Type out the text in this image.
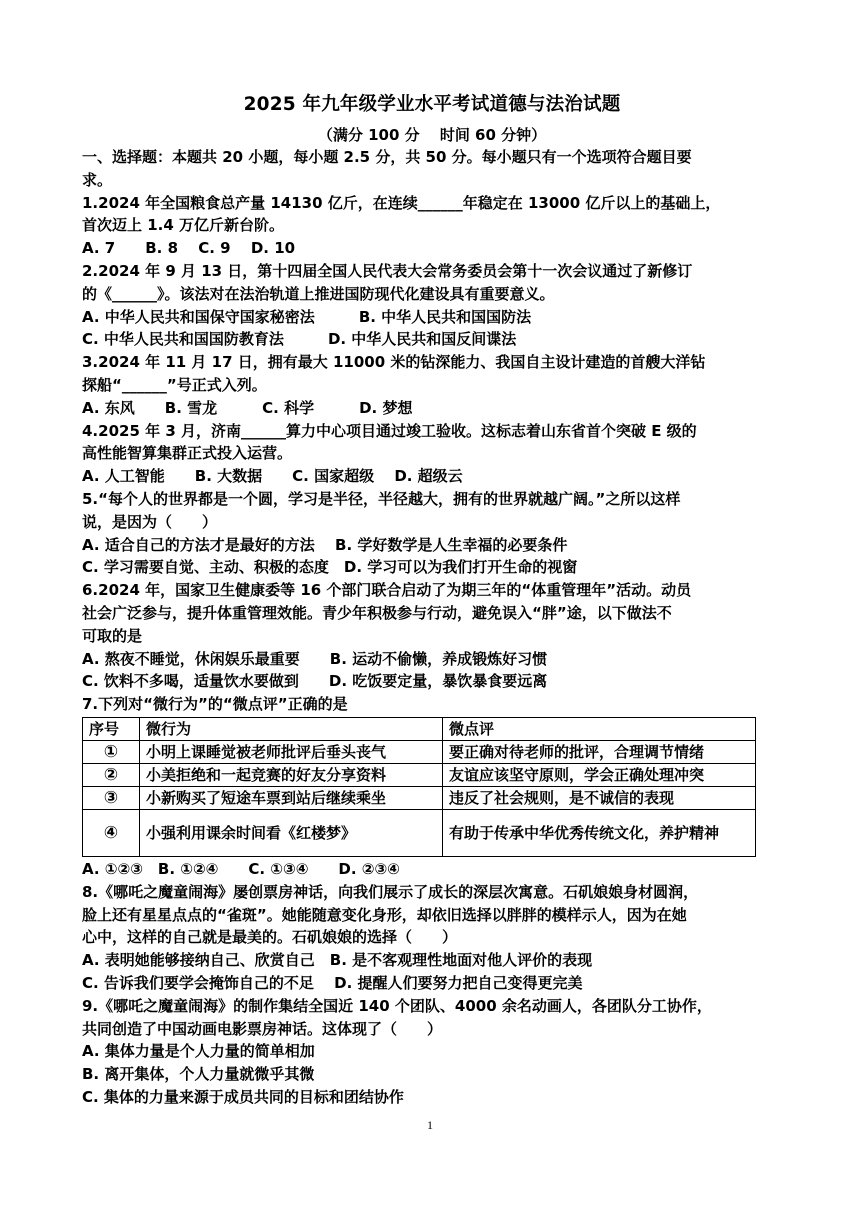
2025 年九年级学业水平考试道德与法治试题
（满分 100 分　 时间 60 分钟）
一、选择题：本题共 20 小题，每小题 2.5 分，共 50 分。每小题只有一个选项符合题目要
求。
1.2024 年全国粮食总产量 14130 亿斤，在连续______年稳定在 13000 亿斤以上的基础上，
首次迈上 1.4 万亿斤新台阶。
A. 7　　B. 8　 C. 9　 D. 10
2.2024 年 9 月 13 日，第十四届全国人民代表大会常务委员会第十一次会议通过了新修订
的《______》。该法对在法治轨道上推进国防现代化建设具有重要意义。
A. 中华人民共和国保守国家秘密法	B. 中华人民共和国国防法
C. 中华人民共和国国防教育法	D. 中华人民共和国反间谍法
3.2024 年 11 月 17 日，拥有最大 11000 米的钻深能力、我国自主设计建造的首艘大洋钻
探船“______”号正式入列。
A. 东风　　B. 雪龙　　　C. 科学　　　D. 梦想
4.2025 年 3 月，济南______算力中心项目通过竣工验收。这标志着山东省首个突破 E 级的
高性能智算集群正式投入运营。
A. 人工智能　　B. 大数据　　C. 国家超级　 D. 超级云
5.“每个人的世界都是一个圆，学习是半径，半径越大，拥有的世界就越广阔。”之所以这样
说，是因为（　　）
A. 适合自己的方法才是最好的方法　 B. 学好数学是人生幸福的必要条件
C. 学习需要自觉、主动、积极的态度　D. 学习可以为我们打开生命的视窗
6.2024 年，国家卫生健康委等 16 个部门联合启动了为期三年的“体重管理年”活动。动员
社会广泛参与，提升体重管理效能。青少年积极参与行动，避免误入“胖”途，以下做法不
可取的是
A. 熬夜不睡觉，休闲娱乐最重要　　B. 运动不偷懒，养成锻炼好习惯
C. 饮料不多喝，适量饮水要做到　　D. 吃饭要定量，暴饮暴食要远离
7.下列对“微行为”的“微点评”正确的是
序号	微行为	微点评
①	小明上课睡觉被老师批评后垂头丧气	要正确对待老师的批评，合理调节情绪
②	小美拒绝和一起竞赛的好友分享资料	友谊应该坚守原则，学会正确处理冲突
③	小新购买了短途车票到站后继续乘坐	违反了社会规则，是不诚信的表现
④	小强利用课余时间看《红楼梦》	有助于传承中华优秀传统文化，养护精神
A. ①②③　B. ①②④　　C. ①③④　　D. ②③④
8.《哪吒之魔童闹海》屡创票房神话，向我们展示了成长的深层次寓意。石矶娘娘身材圆润，
脸上还有星星点点的“雀斑”。她能随意变化身形，却依旧选择以胖胖的模样示人，因为在她
心中，这样的自己就是最美的。石矶娘娘的选择（　　）
A. 表明她能够接纳自己、欣赏自己　B. 是不客观理性地面对他人评价的表现
C. 告诉我们要学会掩饰自己的不足　 D. 提醒人们要努力把自己变得更完美
9.《哪吒之魔童闹海》的制作集结全国近 140 个团队、4000 余名动画人，各团队分工协作，
共同创造了中国动画电影票房神话。这体现了（　　）
A. 集体力量是个人力量的简单相加
B. 离开集体，个人力量就微乎其微
C. 集体的力量来源于成员共同的目标和团结协作
1
